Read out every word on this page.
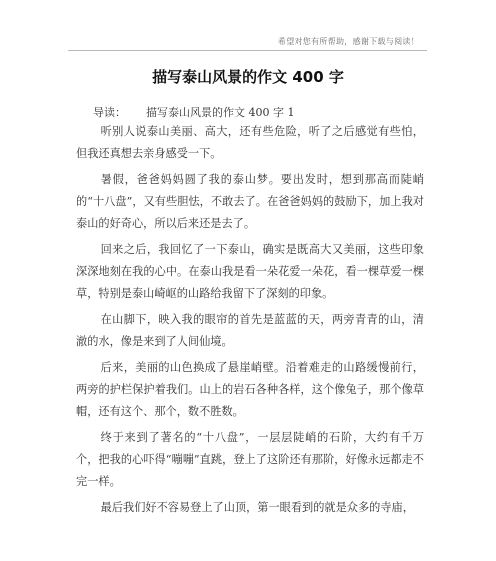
希望对您有所帮助，感谢下载与阅读！
描写泰山风景的作文 400 字
导读： 描写泰山风景的作文 400 字 1

听别人说泰山美丽、高大，还有些危险，听了之后感觉有些怕，但我还真想去亲身感受一下。

暑假，爸爸妈妈圆了我的泰山梦。要出发时，想到那高而陡峭的“十八盘”，又有些胆怯，不敢去了。在爸爸妈妈的鼓励下，加上我对泰山的好奇心，所以后来还是去了。

回来之后，我回忆了一下泰山，确实是既高大又美丽，这些印象深深地刻在我的心中。在泰山我是看一朵花爱一朵花，看一棵草爱一棵草，特别是泰山崎岖的山路给我留下了深刻的印象。

在山脚下，映入我的眼帘的首先是蓝蓝的天，两旁青青的山，清澈的水，像是来到了人间仙境。

后来，美丽的山色换成了悬崖峭壁。沿着难走的山路缓慢前行，两旁的护栏保护着我们。山上的岩石各种各样，这个像兔子，那个像草帽，还有这个、那个，数不胜数。

终于来到了著名的“十八盘”，一层层陡峭的石阶，大约有千万个，把我的心吓得“嘣嘣”直跳，登上了这阶还有那阶，好像永远都走不完一样。

最后我们好不容易登上了山顶，第一眼看到的就是众多的寺庙，
